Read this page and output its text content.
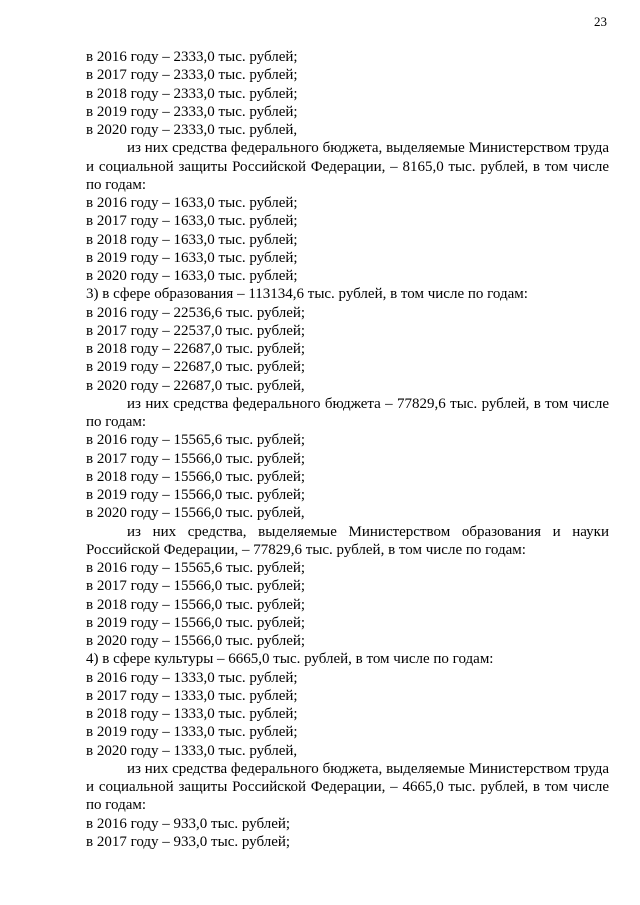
23

в 2016 году – 2333,0 тыс. рублей;

в 2017 году – 2333,0 тыс. рублей;

в 2018 году – 2333,0 тыс. рублей;

в 2019 году – 2333,0 тыс. рублей;

в 2020 году – 2333,0 тыс. рублей,

из них средства федерального бюджета, выделяемые Министерством труда и социальной защиты Российской Федерации, – 8165,0 тыс. рублей, в том числе по годам:

в 2016 году – 1633,0 тыс. рублей;

в 2017 году – 1633,0 тыс. рублей;

в 2018 году – 1633,0 тыс. рублей;

в 2019 году – 1633,0 тыс. рублей;

в 2020 году – 1633,0 тыс. рублей;

3) в сфере образования – 113134,6 тыс. рублей, в том числе по годам:

в 2016 году – 22536,6 тыс. рублей;

в 2017 году – 22537,0 тыс. рублей;

в 2018 году – 22687,0 тыс. рублей;

в 2019 году – 22687,0 тыс. рублей;

в 2020 году – 22687,0 тыс. рублей,

из них средства федерального бюджета – 77829,6 тыс. рублей, в том числе по годам:

в 2016 году – 15565,6 тыс. рублей;

в 2017 году – 15566,0 тыс. рублей;

в 2018 году – 15566,0 тыс. рублей;

в 2019 году – 15566,0 тыс. рублей;

в 2020 году – 15566,0 тыс. рублей,

из них средства, выделяемые Министерством образования и науки Российской Федерации, – 77829,6 тыс. рублей, в том числе по годам:

в 2016 году – 15565,6 тыс. рублей;

в 2017 году – 15566,0 тыс. рублей;

в 2018 году – 15566,0 тыс. рублей;

в 2019 году – 15566,0 тыс. рублей;

в 2020 году – 15566,0 тыс. рублей;

4) в сфере культуры – 6665,0 тыс. рублей, в том числе по годам:

в 2016 году – 1333,0 тыс. рублей;

в 2017 году – 1333,0 тыс. рублей;

в 2018 году – 1333,0 тыс. рублей;

в 2019 году – 1333,0 тыс. рублей;

в 2020 году – 1333,0 тыс. рублей,

из них средства федерального бюджета, выделяемые Министерством труда и социальной защиты Российской Федерации, – 4665,0 тыс. рублей, в том числе по годам:

в 2016 году – 933,0 тыс. рублей;

в 2017 году – 933,0 тыс. рублей;
